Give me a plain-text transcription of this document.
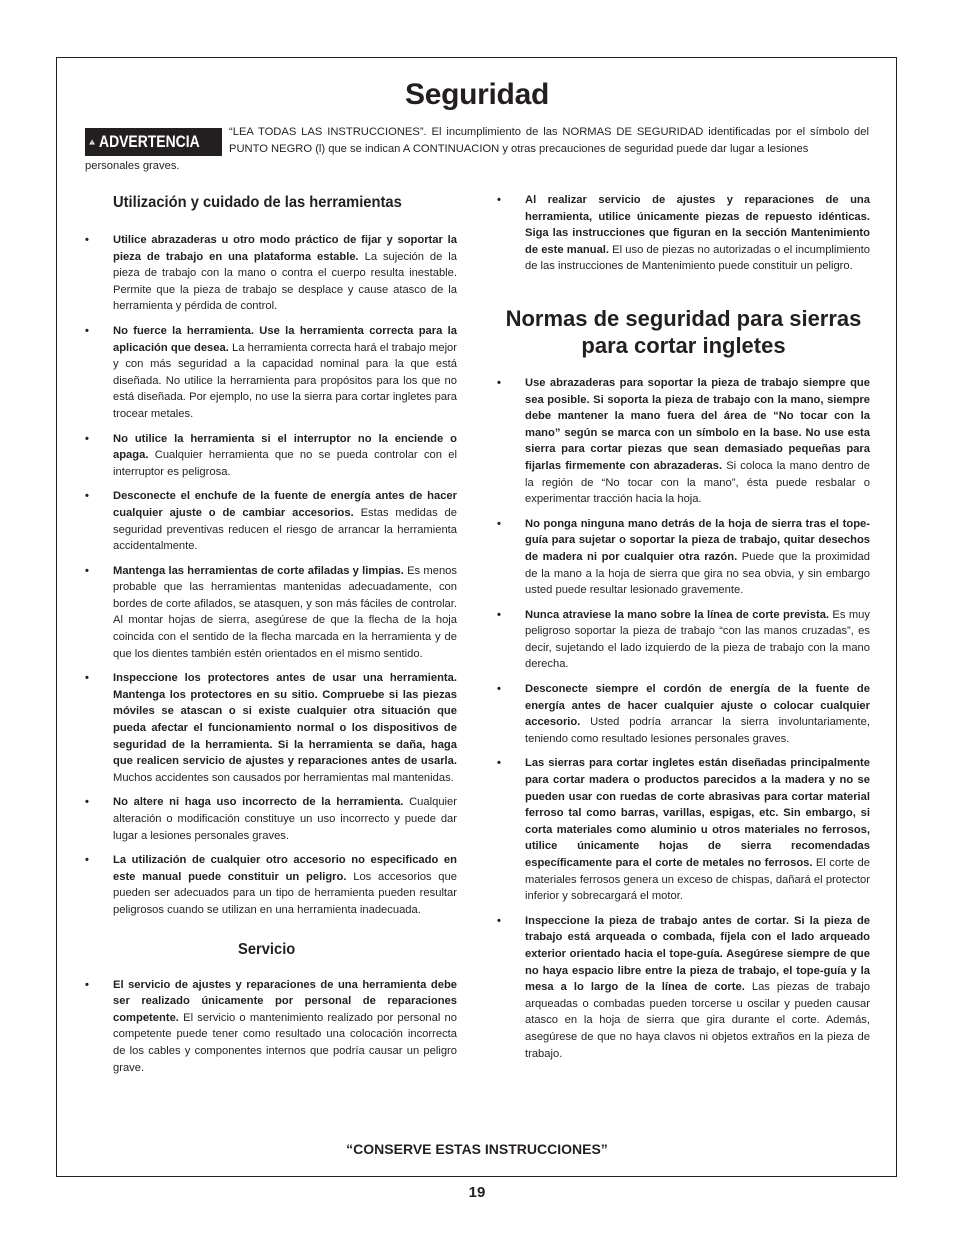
Seguridad
ADVERTENCIA	“LEA TODAS LAS INSTRUCCIONES”. El incumplimiento de las NORMAS DE SEGURIDAD identificadas por el símbolo del PUNTO NEGRO (l) que se indican A CONTINUACION y otras precauciones de seguridad puede dar lugar a lesiones

personales graves.

Utilización y cuidado de las herramientas
• Utilice abrazaderas u otro modo práctico de fijar y soportar la pieza de trabajo en una plataforma estable. La sujeción de la pieza de trabajo con la mano o contra el cuerpo resulta inestable. Permite que la pieza de trabajo se desplace y cause atasco de la herramienta y pérdida de control.
• No fuerce la herramienta. Use la herramienta correcta para la aplicación que desea. La herramienta correcta hará el trabajo mejor y con más seguridad a la capacidad nominal para la que está diseñada. No utilice la herramienta para propósitos para los que no está diseñada. Por ejemplo, no use la sierra para cortar ingletes para trocear metales.
• No utilice la herramienta si el interruptor no la enciende o apaga. Cualquier herramienta que no se pueda controlar con el interruptor es peligrosa.
• Desconecte el enchufe de la fuente de energía antes de hacer cualquier ajuste o de cambiar accesorios. Estas medidas de seguridad preventivas reducen el riesgo de arrancar la herramienta accidentalmente.
• Mantenga las herramientas de corte afiladas y limpias. Es menos probable que las herramientas mantenidas adecuadamente, con bordes de corte afilados, se atasquen, y son más fáciles de controlar. Al montar hojas de sierra, asegúrese de que la flecha de la hoja coincida con el sentido de la flecha marcada en la herramienta y de que los dientes también estén orientados en el mismo sentido.
• Inspeccione los protectores antes de usar una herramienta. Mantenga los protectores en su sitio. Compruebe si las piezas móviles se atascan o si existe cualquier otra situación que pueda afectar el funcionamiento normal o los dispositivos de seguridad de la herramienta. Si la herramienta se daña, haga que realicen servicio de ajustes y reparaciones antes de usarla. Muchos accidentes son causados por herramientas mal mantenidas.
• No altere ni haga uso incorrecto de la herramienta. Cualquier alteración o modificación constituye un uso incorrecto y puede dar lugar a lesiones personales graves.
• La utilización de cualquier otro accesorio no especificado en este manual puede constituir un peligro. Los accesorios que pueden ser adecuados para un tipo de herramienta pueden resultar peligrosos cuando se utilizan en una herramienta inadecuada.
Servicio
• El servicio de ajustes y reparaciones de una herramienta debe ser realizado únicamente por personal de reparaciones competente. El servicio o mantenimiento realizado por personal no competente puede tener como resultado una colocación incorrecta de los cables y componentes internos que podría causar un peligro grave.
• Al realizar servicio de ajustes y reparaciones de una herramienta, utilice únicamente piezas de repuesto idénticas. Siga las instrucciones que figuran en la sección Mantenimiento de este manual. El uso de piezas no autorizadas o el incumplimiento de las instrucciones de Mantenimiento puede constituir un peligro.
Normas de seguridad para sierras
para cortar ingletes
• Use abrazaderas para soportar la pieza de trabajo siempre que sea posible. Si soporta la pieza de trabajo con la mano, siempre debe mantener la mano fuera del área de “No tocar con la mano” según se marca con un símbolo en la base. No use esta sierra para cortar piezas que sean demasiado pequeñas para fijarlas firmemente con abrazaderas. Si coloca la mano dentro de la región de “No tocar con la mano”, ésta puede resbalar o experimentar tracción hacia la hoja.
• No ponga ninguna mano detrás de la hoja de sierra tras el tope-guía para sujetar o soportar la pieza de trabajo, quitar desechos de madera ni por cualquier otra razón. Puede que la proximidad de la mano a la hoja de sierra que gira no sea obvia, y sin embargo usted puede resultar lesionado gravemente.
• Nunca atraviese la mano sobre la línea de corte prevista. Es muy peligroso soportar la pieza de trabajo “con las manos cruzadas”, es decir, sujetando el lado izquierdo de la pieza de trabajo con la mano derecha.
• Desconecte siempre el cordón de energía de la fuente de energía antes de hacer cualquier ajuste o colocar cualquier accesorio. Usted podría arrancar la sierra involuntariamente, teniendo como resultado lesiones personales graves.
• Las sierras para cortar ingletes están diseñadas principalmente para cortar madera o productos parecidos a la madera y no se pueden usar con ruedas de corte abrasivas para cortar material ferroso tal como barras, varillas, espigas, etc. Sin embargo, si corta materiales como aluminio u otros materiales no ferrosos, utilice únicamente hojas de sierra recomendadas específicamente para el corte de metales no ferrosos. El corte de materiales ferrosos genera un exceso de chispas, dañará el protector inferior y sobrecargará el motor.
• Inspeccione la pieza de trabajo antes de cortar. Si la pieza de trabajo está arqueada o combada, fíjela con el lado arqueado exterior orientado hacia el tope-guía. Asegúrese siempre de que no haya espacio libre entre la pieza de trabajo, el tope-guía y la mesa a lo largo de la línea de corte. Las piezas de trabajo arqueadas o combadas pueden torcerse u oscilar y pueden causar atasco en la hoja de sierra que gira durante el corte. Además, asegúrese de que no haya clavos ni objetos extraños en la pieza de trabajo.

“CONSERVE ESTAS INSTRUCCIONES”

19
